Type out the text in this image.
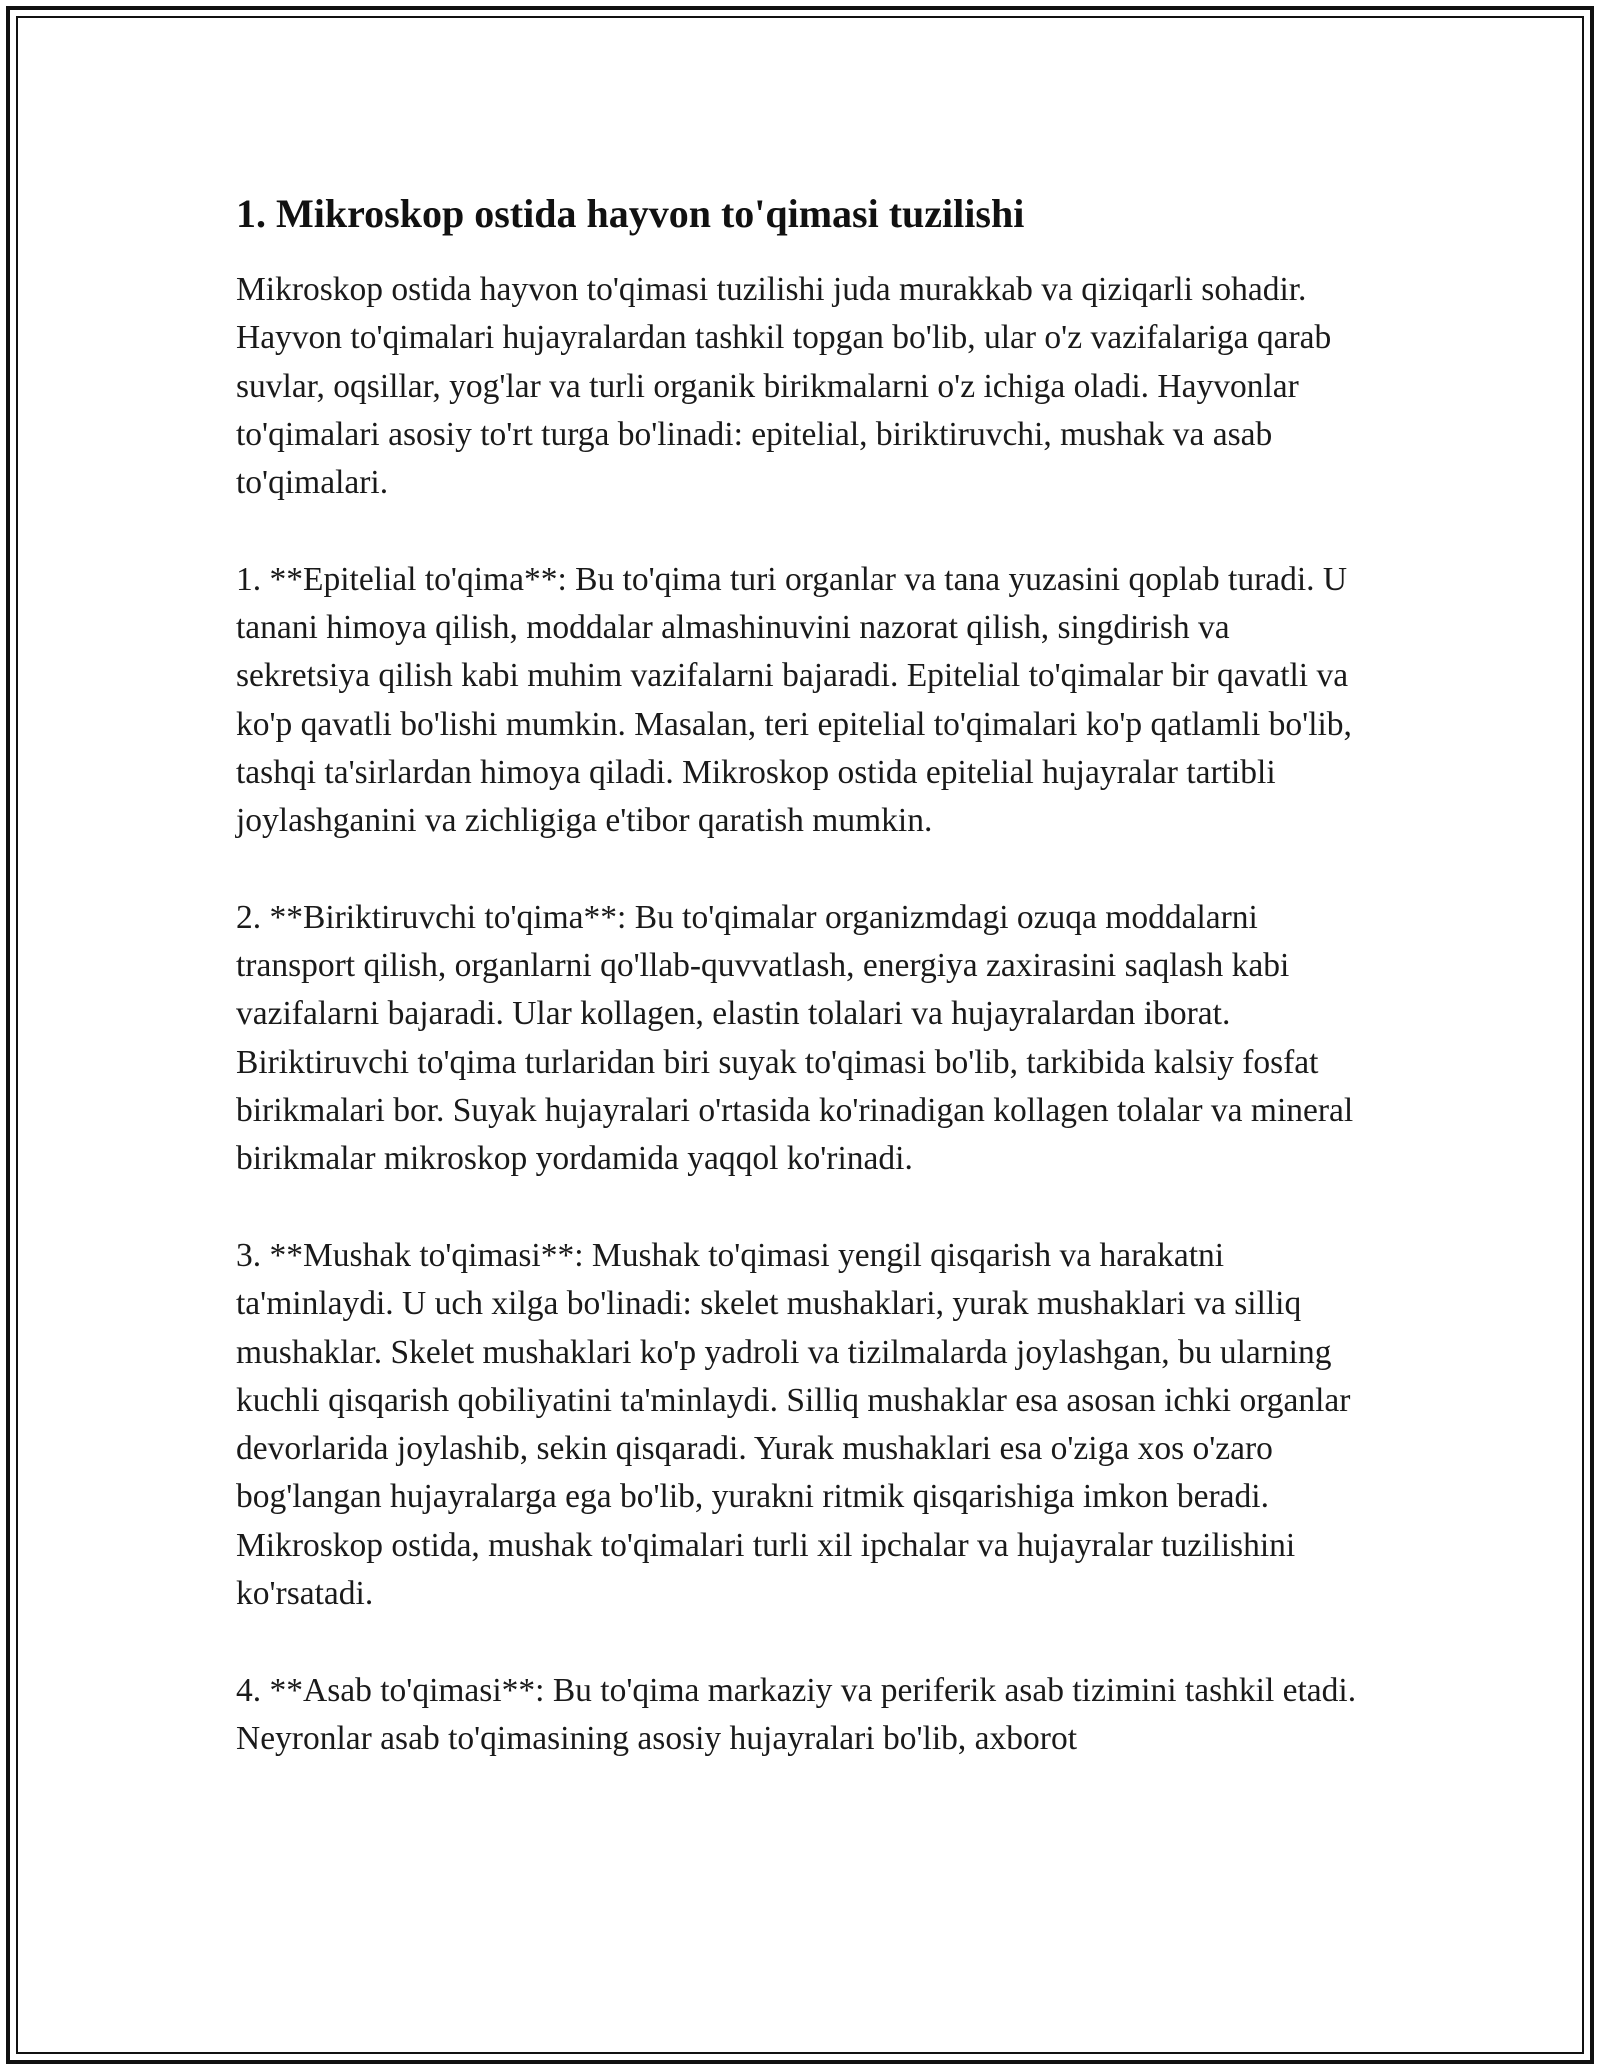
1. Mikroskop ostida hayvon to'qimasi tuzilishi

Mikroskop ostida hayvon to'qimasi tuzilishi juda murakkab va qiziqarli sohadir. Hayvon to'qimalari hujayralardan tashkil topgan bo'lib, ular o'z vazifalariga qarab suvlar, oqsillar, yog'lar va turli organik birikmalarni o'z ichiga oladi. Hayvonlar to'qimalari asosiy to'rt turga bo'linadi: epitelial, biriktiruvchi, mushak va asab to'qimalari.

1. **Epitelial to'qima**: Bu to'qima turi organlar va tana yuzasini qoplab turadi. U tanani himoya qilish, moddalar almashinuvini nazorat qilish, singdirish va sekretsiya qilish kabi muhim vazifalarni bajaradi. Epitelial to'qimalar bir qavatli va ko'p qavatli bo'lishi mumkin. Masalan, teri epitelial to'qimalari ko'p qatlamli bo'lib, tashqi ta'sirlardan himoya qiladi. Mikroskop ostida epitelial hujayralar tartibli joylashganini va zichligiga e'tibor qaratish mumkin.

2. **Biriktiruvchi to'qima**: Bu to'qimalar organizmdagi ozuqa moddalarni transport qilish, organlarni qo'llab-quvvatlash, energiya zaxirasini saqlash kabi vazifalarni bajaradi. Ular kollagen, elastin tolalari va hujayralardan iborat. Biriktiruvchi to'qima turlaridan biri suyak to'qimasi bo'lib, tarkibida kalsiy fosfat birikmalari bor. Suyak hujayralari o'rtasida ko'rinadigan kollagen tolalar va mineral birikmalar mikroskop yordamida yaqqol ko'rinadi.

3. **Mushak to'qimasi**: Mushak to'qimasi yengil qisqarish va harakatni ta'minlaydi. U uch xilga bo'linadi: skelet mushaklari, yurak mushaklari va silliq mushaklar. Skelet mushaklari ko'p yadroli va tizilmalarda joylashgan, bu ularning kuchli qisqarish qobiliyatini ta'minlaydi. Silliq mushaklar esa asosan ichki organlar devorlarida joylashib, sekin qisqaradi. Yurak mushaklari esa o'ziga xos o'zaro bog'langan hujayralarga ega bo'lib, yurakni ritmik qisqarishiga imkon beradi. Mikroskop ostida, mushak to'qimalari turli xil ipchalar va hujayralar tuzilishini ko'rsatadi.

4. **Asab to'qimasi**: Bu to'qima markaziy va periferik asab tizimini tashkil etadi. Neyronlar asab to'qimasining asosiy hujayralari bo'lib, axborot
